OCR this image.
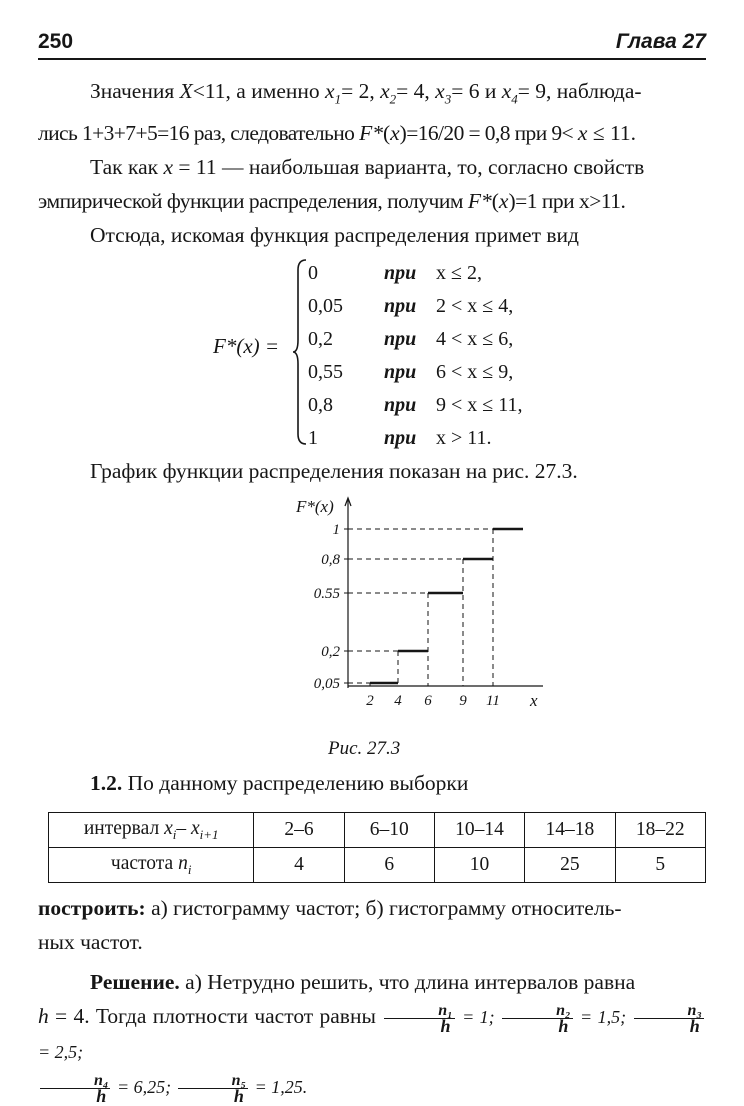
250	Глава 27

Значения X<11, а именно $x_1= 2$, $x_2= 4$, $x_3= 6$ и $x_4= 9$, наблюда-
лись 1+3+7+5=16 раз, следовательно F*(x)=16/20 = 0,8 при 9< x ≤ 11.

Так как x = 11 — наибольшая варианта, то, согласно свойств
эмпирической функции распределения, получим F*(x)=1 при x>11.

Отсюда, искомая функция распределения примет вид

F*(x) =
0	при x ≤ 2,
0,05 при 2 < x ≤ 4,
0,2	при 4 < x ≤ 6,
0,55 при 6 < x ≤ 9,
0,8	при 9 < x ≤ 11,
1	при x > 11.

График функции распределения показан на рис. 27.3.

F*(x)
x
0,05
0,2
0.55
0,8
1
2 4 6 9 11
Рис. 27.3

1.2. По данному распределению выборки

интервал $x_i-$ $x_{i+1}$	2–6	6–10	10–14	14–18	18–22
частота $n_i$	4	6	10	25	5

построить: а) гистограмму частот; б) гистограмму относитель-
ных частот.

Решение. а) Нетрудно решить, что длина интервалов равна
h = 4. Тогда плотности частот равны $\frac{\text{n₁}}{h} = 1$; $\frac{\text{n₂}}{h} = 1,5$; $\frac{\text{n₃}}{h}$
= 2,5;

$\frac{\text{n₄}}{h} = 6,25$; $\frac{\text{n₅}}{h} = 1,25$.
